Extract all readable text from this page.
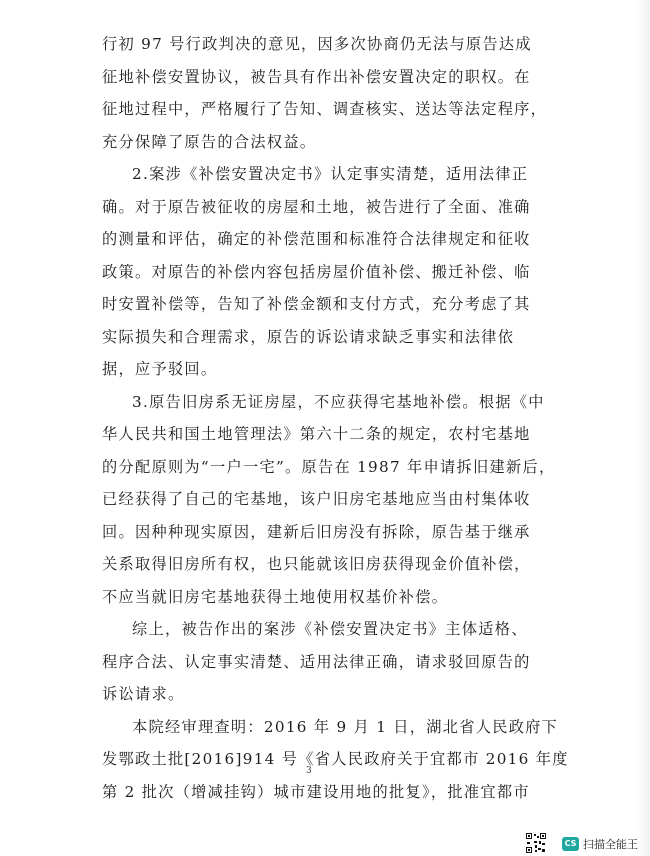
行初 97 号行政判决的意见，因多次协商仍无法与原告达成
征地补偿安置协议，被告具有作出补偿安置决定的职权。在
征地过程中，严格履行了告知、调查核实、送达等法定程序，
充分保障了原告的合法权益。
2.案涉《补偿安置决定书》认定事实清楚，适用法律正
确。对于原告被征收的房屋和土地，被告进行了全面、准确
的测量和评估，确定的补偿范围和标准符合法律规定和征收
政策。对原告的补偿内容包括房屋价值补偿、搬迁补偿、临
时安置补偿等，告知了补偿金额和支付方式，充分考虑了其
实际损失和合理需求，原告的诉讼请求缺乏事实和法律依
据，应予驳回。
3.原告旧房系无证房屋，不应获得宅基地补偿。根据《中
华人民共和国土地管理法》第六十二条的规定，农村宅基地
的分配原则为“一户一宅”。原告在 1987 年申请拆旧建新后，
已经获得了自己的宅基地，该户旧房宅基地应当由村集体收
回。因种种现实原因，建新后旧房没有拆除，原告基于继承
关系取得旧房所有权，也只能就该旧房获得现金价值补偿，
不应当就旧房宅基地获得土地使用权基价补偿。
综上，被告作出的案涉《补偿安置决定书》主体适格、
程序合法、认定事实清楚、适用法律正确，请求驳回原告的
诉讼请求。
本院经审理查明：2016 年 9 月 1 日，湖北省人民政府下
发鄂政土批[2016]914 号《省人民政府关于宜都市 2016 年度
第 2 批次（增减挂钩）城市建设用地的批复》，批准宜都市
3
CS 扫描全能王
